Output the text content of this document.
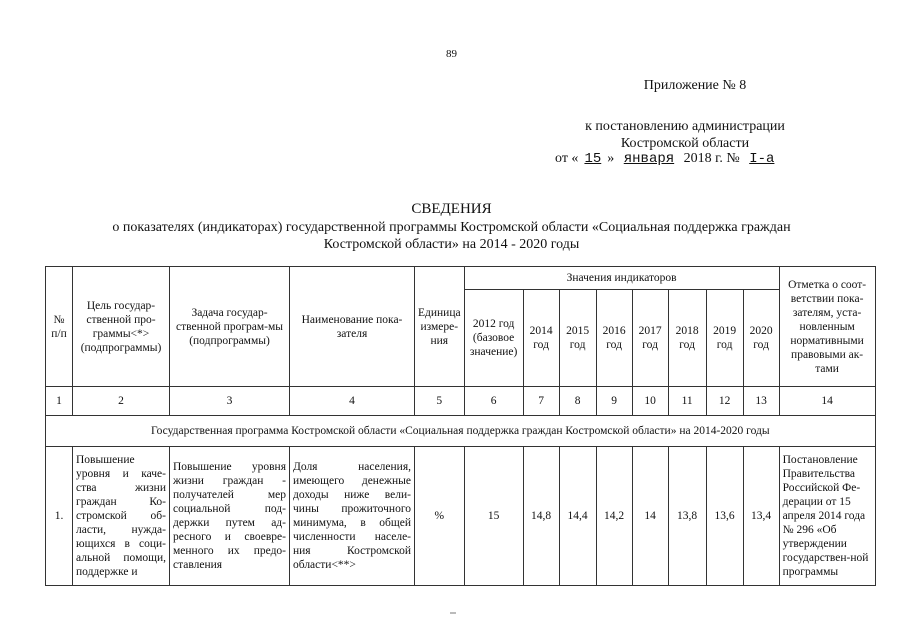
89
Приложение № 8
к постановлению администрации
Костромской области
от « 15 » января 2018 г. № I-а
СВЕДЕНИЯ
о показателях (индикаторах) государственной программы Костромской области «Социальная поддержка граждан Костромской области» на 2014 - 2020 годы
№ п/п	Цель государ-ственной про-граммы<*> (подпрограммы)	Задача государ-ственной програм-мы (подпрограммы)	Наименование пока-зателя	Единица измере-ния	Значения индикаторов								Отметка о соот-ветствии пока-зателям, уста-новленным нормативными правовыми ак-тами
					2012 год (базовое значение)	2014 год	2015 год	2016 год	2017 год	2018 год	2019 год	2020 год	
1	2	3	4	5	6	7	8	9	10	11	12	13	14
Государственная программа Костромской области «Социальная поддержка граждан Костромской области» на 2014-2020 годы													
1.	Повышение уровня и каче-ства жизни граждан Ко-стромской об-ласти, нужда-ющихся в соци-альной помощи, поддержке и	Повышение уровня жизни граждан - получателей мер социальной под-держки путем ад-ресного и своевре-менного их предо-ставления	Доля населения, имеющего денежные доходы ниже вели-чины прожиточного минимума, в общей численности населе-ния Костромской области<**>	%	15	14,8	14,4	14,2	14	13,8	13,6	13,4	Постановление Правительства Российской Фе-дерации от 15 апреля 2014 года № 296 «Об утверждении государствен-ной программы
